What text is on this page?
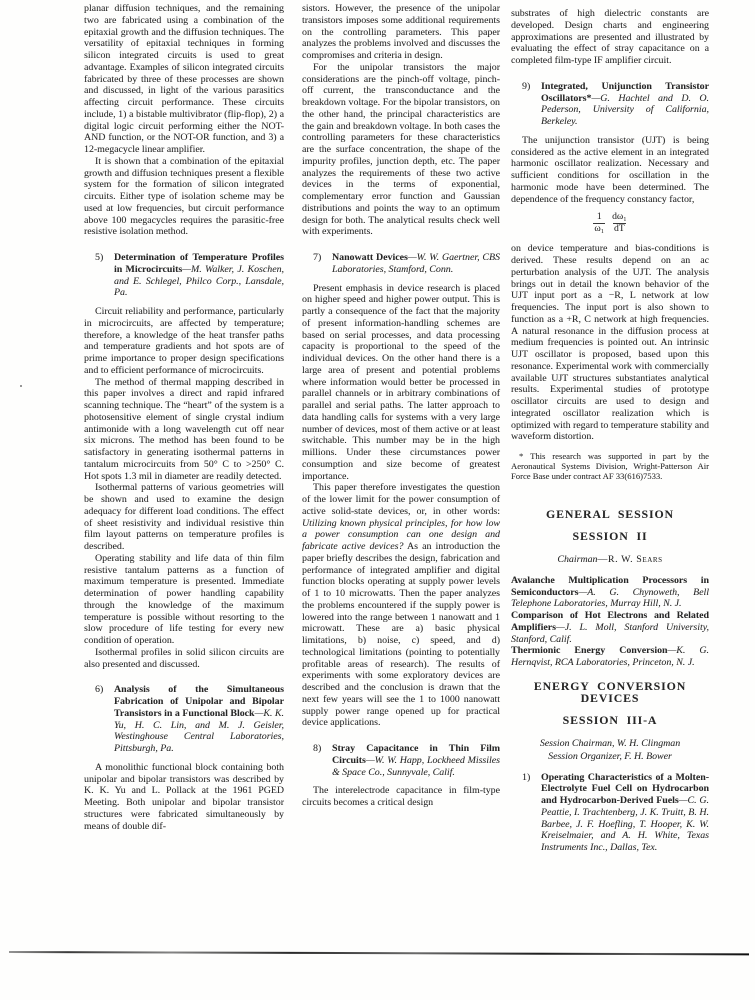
planar diffusion techniques, and the remaining two are fabricated using a combination of the epitaxial growth and the diffusion techniques. The versatility of epitaxial techniques in forming silicon integrated circuits is used to great advantage. Examples of silicon integrated circuits fabricated by three of these processes are shown and discussed, in light of the various parasitics affecting circuit performance. These circuits include, 1) a bistable multivibrator (flip-flop), 2) a digital logic circuit performing either the NOT-AND function, or the NOT-OR function, and 3) a 12-megacycle linear amplifier.

It is shown that a combination of the epitaxial growth and diffusion techniques present a flexible system for the formation of silicon integrated circuits. Either type of isolation scheme may be used at low frequencies, but circuit performance above 100 megacycles requires the parasitic-free resistive isolation method.

5) Determination of Temperature Profiles in Microcircuits—M. Walker, J. Koschen, and E. Schlegel, Philco Corp., Lansdale, Pa.

Circuit reliability and performance, particularly in microcircuits, are affected by temperature; therefore, a knowledge of the heat transfer paths and temperature gradients and hot spots are of prime importance to proper design specifications and to efficient performance of microcircuits.

The method of thermal mapping described in this paper involves a direct and rapid infrared scanning technique. The “heart” of the system is a photosensitive element of single crystal indium antimonide with a long wavelength cut off near six microns. The method has been found to be satisfactory in generating isothermal patterns in tantalum microcircuits from 50° C to >250° C. Hot spots 1.3 mil in diameter are readily detected.

Isothermal patterns of various geometries will be shown and used to examine the design adequacy for different load conditions. The effect of sheet resistivity and individual resistive thin film layout patterns on temperature profiles is described.

Operating stability and life data of thin film resistive tantalum patterns as a function of maximum temperature is presented. Immediate determination of power handling capability through the knowledge of the maximum temperature is possible without resorting to the slow procedure of life testing for every new condition of operation.

Isothermal profiles in solid silicon circuits are also presented and discussed.

6) Analysis of the Simultaneous Fabrication of Unipolar and Bipolar Transistors in a Functional Block—K. K. Yu, H. C. Lin, and M. J. Geisler, Westinghouse Central Laboratories, Pittsburgh, Pa.

A monolithic functional block containing both unipolar and bipolar transistors was described by K. K. Yu and L. Pollack at the 1961 PGED Meeting. Both unipolar and bipolar transistor structures were fabricated simultaneously by means of double dif-

sistors. However, the presence of the unipolar transistors imposes some additional requirements on the controlling parameters. This paper analyzes the problems involved and discusses the compromises and criteria in design.

For the unipolar transistors the major considerations are the pinch-off voltage, pinch-off current, the transconductance and the breakdown voltage. For the bipolar transistors, on the other hand, the principal characteristics are the gain and breakdown voltage. In both cases the controlling parameters for these characteristics are the surface concentration, the shape of the impurity profiles, junction depth, etc. The paper analyzes the requirements of these two active devices in the terms of exponential, complementary error function and Gaussian distributions and points the way to an optimum design for both. The analytical results check well with experiments.

7) Nanowatt Devices—W. W. Gaertner, CBS Laboratories, Stamford, Conn.

Present emphasis in device research is placed on higher speed and higher power output. This is partly a consequence of the fact that the majority of present information-handling schemes are based on serial processes, and data processing capacity is proportional to the speed of the individual devices. On the other hand there is a large area of present and potential problems where information would better be processed in parallel channels or in arbitrary combinations of parallel and serial paths. The latter approach to data handling calls for systems with a very large number of devices, most of them active or at least switchable. This number may be in the high millions. Under these circumstances power consumption and size become of greatest importance.

This paper therefore investigates the question of the lower limit for the power consumption of active solid-state devices, or, in other words: Utilizing known physical principles, for how low a power consumption can one design and fabricate active devices? As an introduction the paper briefly describes the design, fabrication and performance of integrated amplifier and digital function blocks operating at supply power levels of 1 to 10 microwatts. Then the paper analyzes the problems encountered if the supply power is lowered into the range between 1 nanowatt and 1 microwatt. These are a) basic physical limitations, b) noise, c) speed, and d) technological limitations (pointing to potentially profitable areas of research). The results of experiments with some exploratory devices are described and the conclusion is drawn that the next few years will see the 1 to 1000 nanowatt supply power range opened up for practical device applications.

8) Stray Capacitance in Thin Film Circuits—W. W. Happ, Lockheed Missiles & Space Co., Sunnyvale, Calif.

The interelectrode capacitance in film-type circuits becomes a critical design

substrates of high dielectric constants are developed. Design charts and engineering approximations are presented and illustrated by evaluating the effect of stray capacitance on a completed film-type IF amplifier circuit.

9) Integrated, Unijunction Transistor Oscillators*—G. Hachtel and D. O. Pederson, University of California, Berkeley.

The unijunction transistor (UJT) is being considered as the active element in an integrated harmonic oscillator realization. Necessary and sufficient conditions for oscillation in the harmonic mode have been determined. The dependence of the frequency constancy factor,

$\frac{1}{\text{ω₁}} \frac{\text{dω₁}}{dT}$

on device temperature and bias-conditions is derived. These results depend on an ac perturbation analysis of the UJT. The analysis brings out in detail the known behavior of the UJT input port as a −R, L network at low frequencies. The input port is also shown to function as a +R, C network at high frequencies. A natural resonance in the diffusion process at medium frequencies is pointed out. An intrinsic UJT oscillator is proposed, based upon this resonance. Experimental work with commercially available UJT structures substantiates analytical results. Experimental studies of prototype oscillator circuits are used to design and integrated oscillator realization which is optimized with regard to temperature stability and waveform distortion.

* This research was supported in part by the Aeronautical Systems Division, Wright-Patterson Air Force Base under contract AF 33(616)7533.

GENERAL SESSION

SESSION II

Chairman—R. W. Sears

Avalanche Multiplication Processors in Semiconductors—A. G. Chynoweth, Bell Telephone Laboratories, Murray Hill, N. J.

Comparison of Hot Electrons and Related Amplifiers—J. L. Moll, Stanford University, Stanford, Calif.

Thermionic Energy Conversion—K. G. Hernqvist, RCA Laboratories, Princeton, N. J.

ENERGY CONVERSION DEVICES

SESSION III-A

Session Chairman, W. H. Clingman

Session Organizer, F. H. Bower

1) Operating Characteristics of a Molten-Electrolyte Fuel Cell on Hydrocarbon and Hydrocarbon-Derived Fuels—C. G. Peattie, I. Trachtenberg, J. K. Truitt, B. H. Barbee, J. F. Hoefling, T. Hooper, K. W. Kreiselmaier, and A. H. White, Texas Instruments Inc., Dallas, Tex.
